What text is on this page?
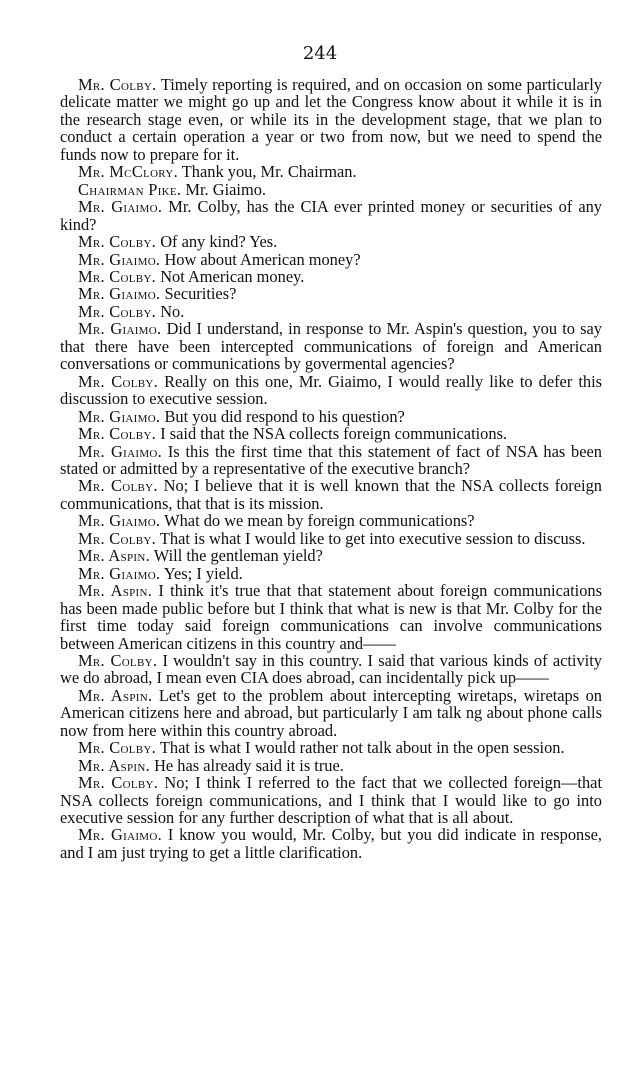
244

Mr. Colby. Timely reporting is required, and on occasion on some particularly delicate matter we might go up and let the Congress know about it while it is in the research stage even, or while its in the development stage, that we plan to conduct a certain operation a year or two from now, but we need to spend the funds now to prepare for it.

Mr. McClory. Thank you, Mr. Chairman.

Chairman Pike. Mr. Giaimo.

Mr. Giaimo. Mr. Colby, has the CIA ever printed money or securities of any kind?

Mr. Colby. Of any kind? Yes.

Mr. Giaimo. How about American money?

Mr. Colby. Not American money.

Mr. Giaimo. Securities?

Mr. Colby. No.

Mr. Giaimo. Did I understand, in response to Mr. Aspin's question, you to say that there have been intercepted communications of foreign and American conversations or communications by govermental agencies?

Mr. Colby. Really on this one, Mr. Giaimo, I would really like to defer this discussion to executive session.

Mr. Giaimo. But you did respond to his question?

Mr. Colby. I said that the NSA collects foreign communications.

Mr. Giaimo. Is this the first time that this statement of fact of NSA has been stated or admitted by a representative of the executive branch?

Mr. Colby. No; I believe that it is well known that the NSA collects foreign communications, that that is its mission.

Mr. Giaimo. What do we mean by foreign communications?

Mr. Colby. That is what I would like to get into executive session to discuss.

Mr. Aspin. Will the gentleman yield?

Mr. Giaimo. Yes; I yield.

Mr. Aspin. I think it's true that that statement about foreign communications has been made public before but I think that what is new is that Mr. Colby for the first time today said foreign communications can involve communications between American citizens in this country and——

Mr. Colby. I wouldn't say in this country. I said that various kinds of activity we do abroad, I mean even CIA does abroad, can incidentally pick up——

Mr. Aspin. Let's get to the problem about intercepting wiretaps, wiretaps on American citizens here and abroad, but particularly I am talk ng about phone calls now from here within this country abroad.

Mr. Colby. That is what I would rather not talk about in the open session.

Mr. Aspin. He has already said it is true.

Mr. Colby. No; I think I referred to the fact that we collected foreign—that NSA collects foreign communications, and I think that I would like to go into executive session for any further description of what that is all about.

Mr. Giaimo. I know you would, Mr. Colby, but you did indicate in response, and I am just trying to get a little clarification.
